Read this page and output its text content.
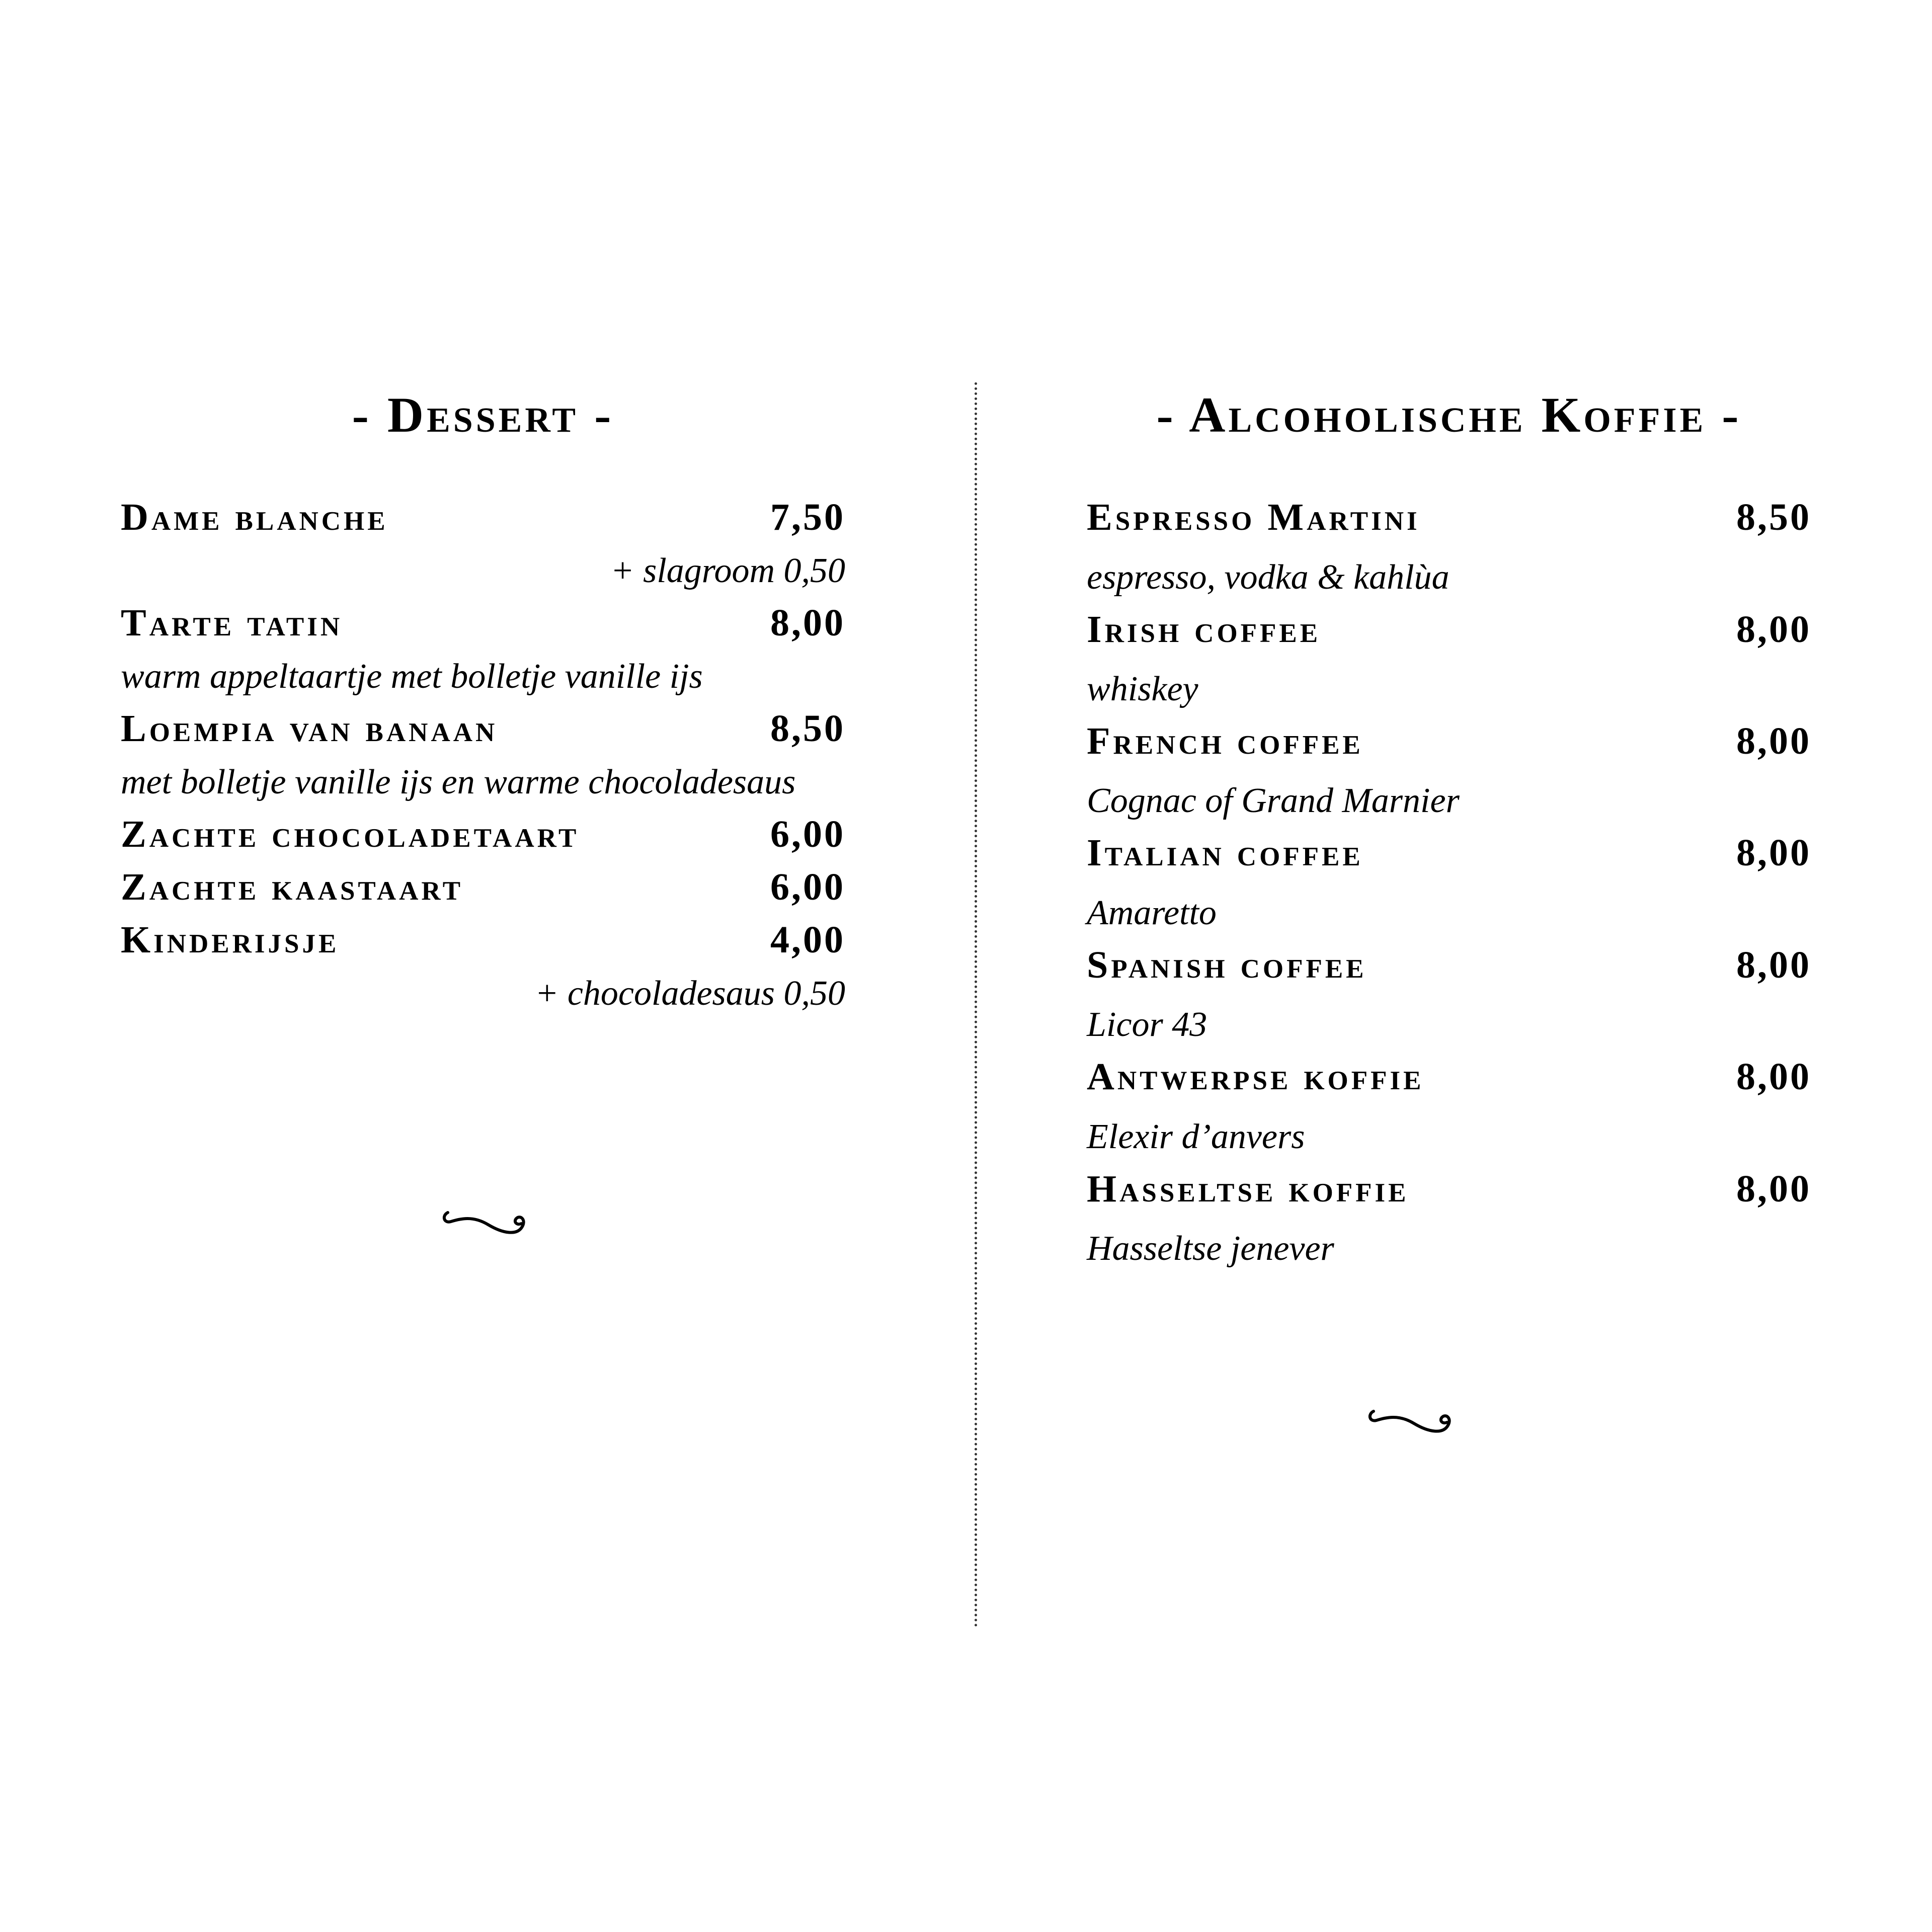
- Dessert -
Dame blanche	7,50
+ slagroom 0,50
Tarte tatin	8,00
warm appeltaartje met bolletje vanille ijs
Loempia van banaan	8,50
met bolletje vanille ijs en warme chocoladesaus
Zachte chocoladetaart	6,00
Zachte kaastaart	6,00
Kinderijsje	4,00
+ chocoladesaus 0,50
- Alcoholische Koffie -
Espresso Martini	8,50
espresso, vodka & kahlùa
Irish coffee	8,00
whiskey
French coffee	8,00
Cognac of Grand Marnier
Italian coffee	8,00
Amaretto
Spanish coffee	8,00
Licor 43
Antwerpse koffie	8,00
Elexir d’anvers
Hasseltse koffie	8,00
Hasseltse jenever
